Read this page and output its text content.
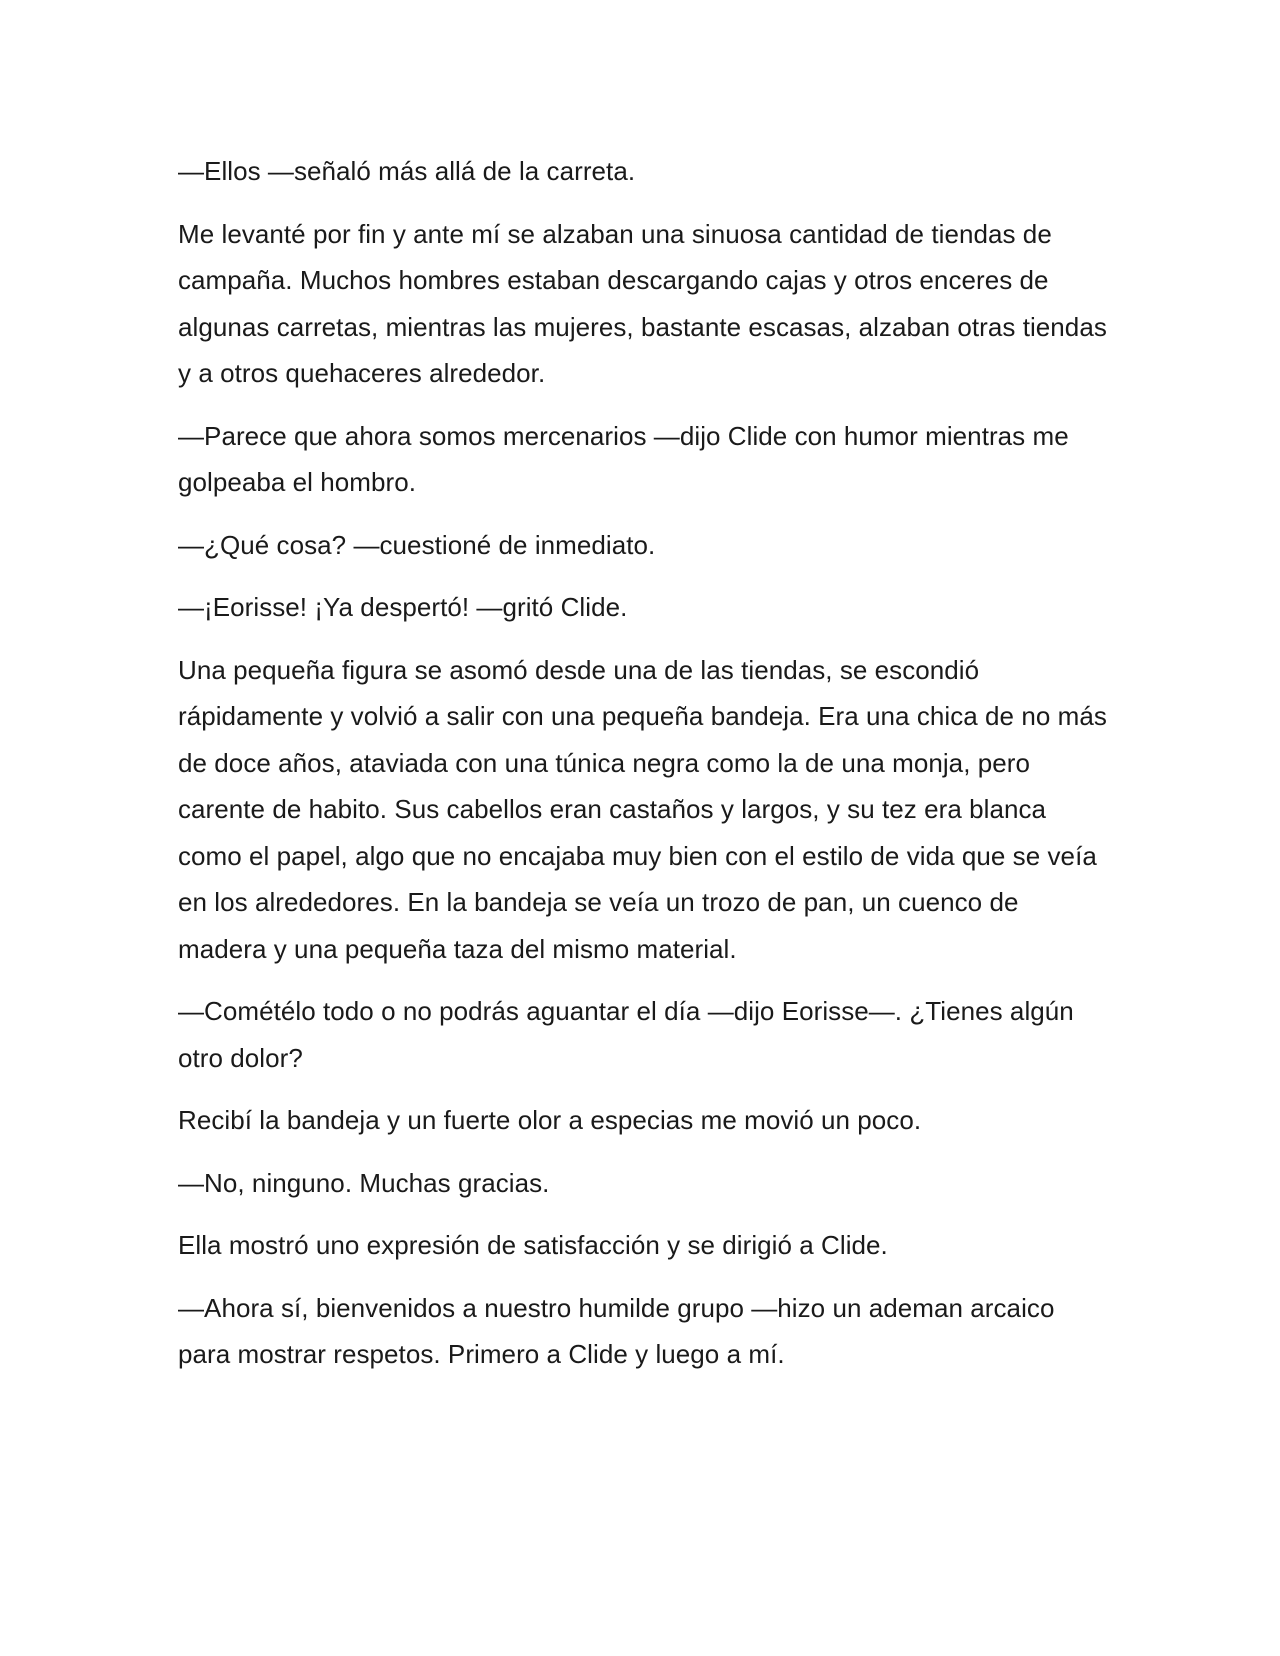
—Ellos —señaló más allá de la carreta.

Me levanté por fin y ante mí se alzaban una sinuosa cantidad de tiendas de campaña. Muchos hombres estaban descargando cajas y otros enceres de algunas carretas, mientras las mujeres, bastante escasas, alzaban otras tiendas y a otros quehaceres alrededor.

—Parece que ahora somos mercenarios —dijo Clide con humor mientras me golpeaba el hombro.

—¿Qué cosa? —cuestioné de inmediato.

—¡Eorisse! ¡Ya despertó! —gritó Clide.

Una pequeña figura se asomó desde una de las tiendas, se escondió rápidamente y volvió a salir con una pequeña bandeja. Era una chica de no más de doce años, ataviada con una túnica negra como la de una monja, pero carente de habito. Sus cabellos eran castaños y largos, y su tez era blanca como el papel, algo que no encajaba muy bien con el estilo de vida que se veía en los alrededores. En la bandeja se veía un trozo de pan, un cuenco de madera y una pequeña taza del mismo material.

—Cométélo todo o no podrás aguantar el día —dijo Eorisse—. ¿Tienes algún otro dolor?

Recibí la bandeja y un fuerte olor a especias me movió un poco.

—No, ninguno. Muchas gracias.

Ella mostró uno expresión de satisfacción y se dirigió a Clide.

—Ahora sí, bienvenidos a nuestro humilde grupo —hizo un ademan arcaico para mostrar respetos. Primero a Clide y luego a mí.
